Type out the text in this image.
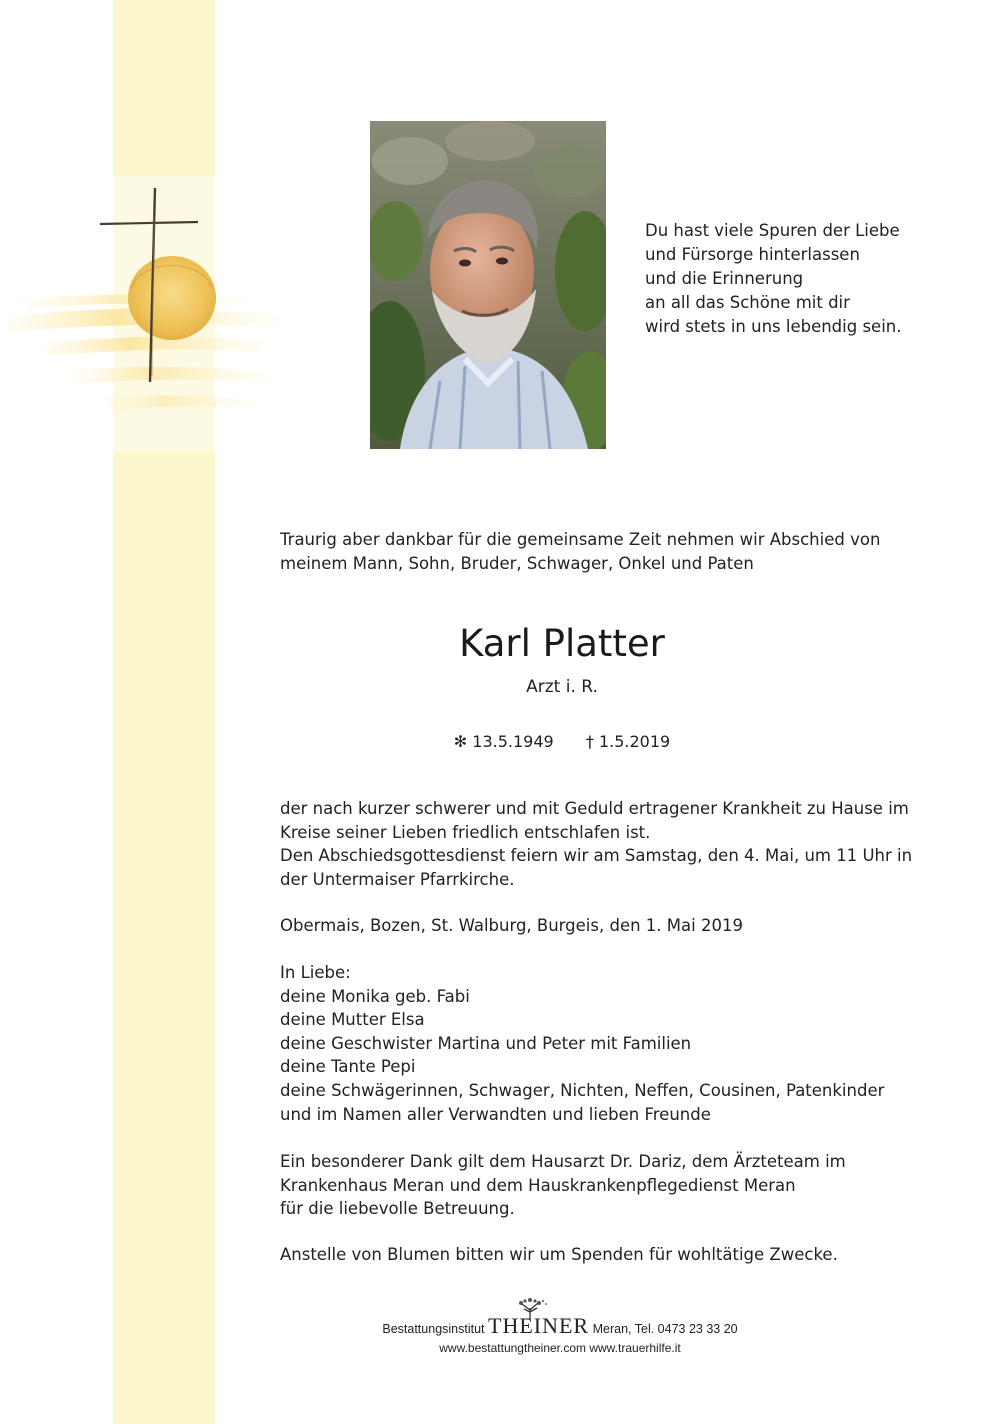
Du hast viele Spuren der Liebe
und Fürsorge hinterlassen
und die Erinnerung
an all das Schöne mit dir
wird stets in uns lebendig sein.
Traurig aber dankbar für die gemeinsame Zeit nehmen wir Abschied von
meinem Mann, Sohn, Bruder, Schwager, Onkel und Paten
Karl Platter
Arzt i. R.
✻ 13.5.1949 † 1.5.2019
der nach kurzer schwerer und mit Geduld ertragener Krankheit zu Hause im
Kreise seiner Lieben friedlich entschlafen ist.
Den Abschiedsgottesdienst feiern wir am Samstag, den 4. Mai, um 11 Uhr in
der Untermaiser Pfarrkirche.
Obermais, Bozen, St. Walburg, Burgeis, den 1. Mai 2019
In Liebe:
deine Monika geb. Fabi
deine Mutter Elsa
deine Geschwister Martina und Peter mit Familien
deine Tante Pepi
deine Schwägerinnen, Schwager, Nichten, Neffen, Cousinen, Patenkinder
und im Namen aller Verwandten und lieben Freunde
Ein besonderer Dank gilt dem Hausarzt Dr. Dariz, dem Ärzteteam im
Krankenhaus Meran und dem Hauskrankenpflegedienst Meran
für die liebevolle Betreuung.
Anstelle von Blumen bitten wir um Spenden für wohltätige Zwecke.
Bestattungsinstitut THEINER Meran, Tel. 0473 23 33 20
www.bestattungtheiner.com www.trauerhilfe.it
